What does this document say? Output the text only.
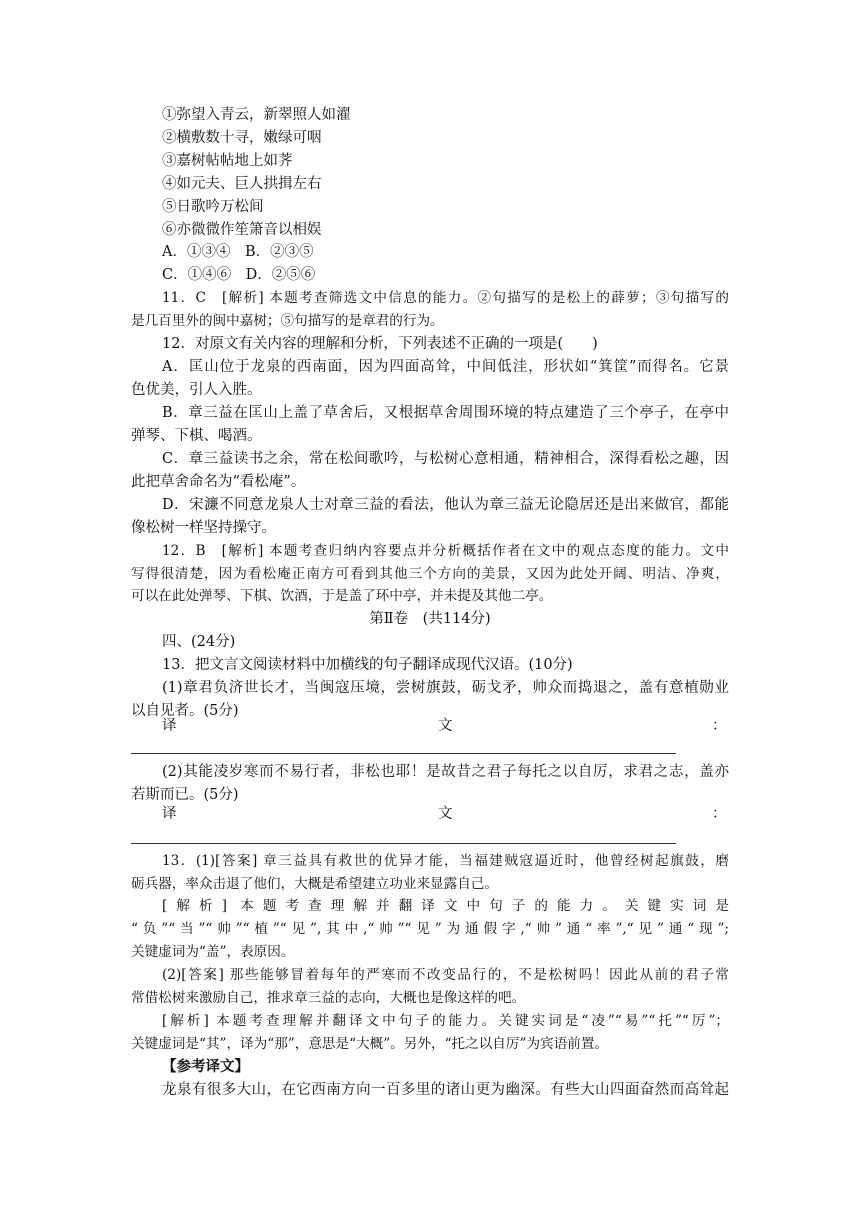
①弥望入青云，新翠照人如濯
②横敷数十寻，嫩绿可咽
③嘉树帖帖地上如荠
④如元夫、巨人拱揖左右
⑤日歌吟万松间
⑥亦微微作笙箫音以相娱
A．①③④　B．②③⑤
C．①④⑥　D．②⑤⑥
11．C　[解析] 本题考查筛选文中信息的能力。②句描写的是松上的薜萝；③句描写的
是几百里外的闽中嘉树；⑤句描写的是章君的行为。
12．对原文有关内容的理解和分析，下列表述不正确的一项是(　　)
A．匡山位于龙泉的西南面，因为四面高耸，中间低洼，形状如“箕筐”而得名。它景
色优美，引人入胜。
B．章三益在匡山上盖了草舍后，又根据草舍周围环境的特点建造了三个亭子，在亭中
弹琴、下棋、喝酒。
C．章三益读书之余，常在松间歌吟，与松树心意相通，精神相合，深得看松之趣，因
此把草舍命名为“看松庵”。
D．宋濂不同意龙泉人士对章三益的看法，他认为章三益无论隐居还是出来做官，都能
像松树一样坚持操守。
12．B　[解析] 本题考查归纳内容要点并分析概括作者在文中的观点态度的能力。文中
写得很清楚，因为看松庵正南方可看到其他三个方向的美景，又因为此处开阔、明洁、净爽，
可以在此处弹琴、下棋、饮酒，于是盖了环中亭，并未提及其他二亭。
第Ⅱ卷　(共114分)
四、(24分)
13．把文言文阅读材料中加横线的句子翻译成现代汉语。(10分)
(1)章君负济世长才，当闽寇压境，尝树旗鼓，砺戈矛，帅众而捣退之，盖有意植勋业
以自见者。(5分)
译	文	：
(2)其能凌岁寒而不易行者，非松也耶！是故昔之君子每托之以自厉，求君之志，盖亦
若斯而已。(5分)
译	文	：
13．(1)[答案] 章三益具有救世的优异才能，当福建贼寇逼近时，他曾经树起旗鼓，磨
砺兵器，率众击退了他们，大概是希望建立功业来显露自己。
[解析] 本题考查理解并翻译文中句子的能力。关键实词是
“负”“当”“帅”“植”“见”,其中,“帅”“见”为通假字,“帅”通“率”,“见”通“现”;
关键虚词为“盖”，表原因。
(2)[答案] 那些能够冒着每年的严寒而不改变品行的，不是松树吗！因此从前的君子常
常借松树来激励自己，推求章三益的志向，大概也是像这样的吧。
[解析] 本题考查理解并翻译文中句子的能力。关键实词是“凌”“易”“托”“厉”；
关键虚词是“其”，译为“那”，意思是“大概”。另外，“托之以自厉”为宾语前置。
【参考译文】
龙泉有很多大山，在它西南方向一百多里的诸山更为幽深。有些大山四面奋然而高耸起
